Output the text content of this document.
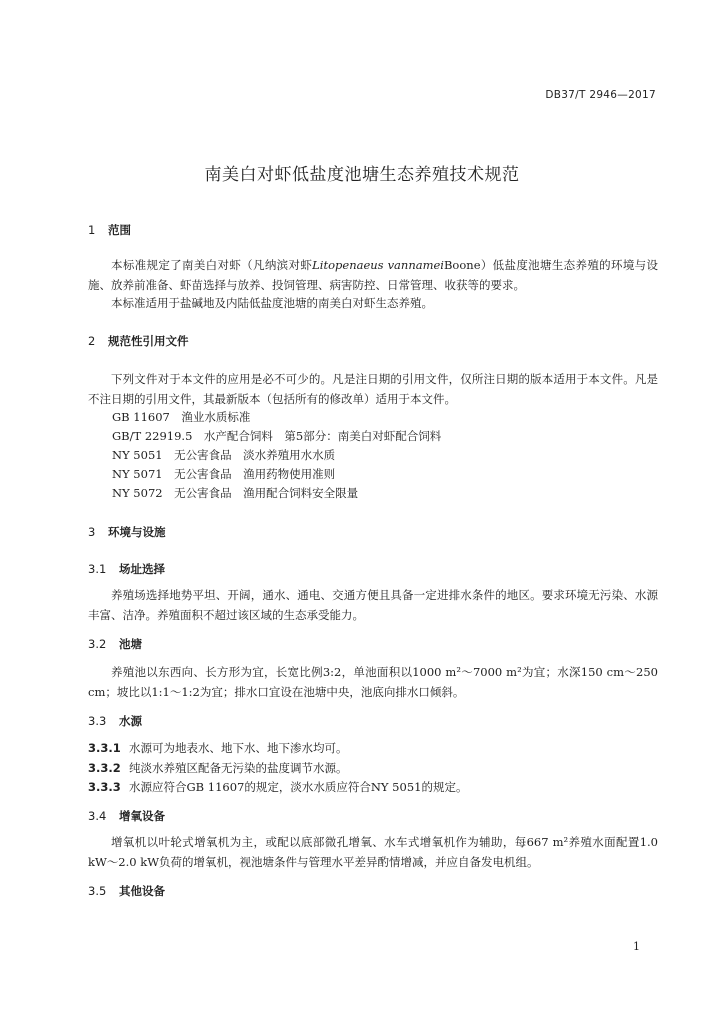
DB37/T 2946—2017
南美白对虾低盐度池塘生态养殖技术规范
1 范围
本标准规定了南美白对虾（凡纳滨对虾Litopenaeus vannameiBoone）低盐度池塘生态养殖的环境与设施、放养前准备、虾苗选择与放养、投饲管理、病害防控、日常管理、收获等的要求。
本标准适用于盐碱地及内陆低盐度池塘的南美白对虾生态养殖。
2 规范性引用文件
下列文件对于本文件的应用是必不可少的。凡是注日期的引用文件，仅所注日期的版本适用于本文件。凡是不注日期的引用文件，其最新版本（包括所有的修改单）适用于本文件。
GB 11607　渔业水质标准
GB/T 22919.5　水产配合饲料　第5部分：南美白对虾配合饲料
NY 5051　无公害食品　淡水养殖用水水质
NY 5071　无公害食品　渔用药物使用准则
NY 5072　无公害食品　渔用配合饲料安全限量
3 环境与设施
3.1 场址选择
养殖场选择地势平坦、开阔，通水、通电、交通方便且具备一定进排水条件的地区。要求环境无污染、水源丰富、洁净。养殖面积不超过该区域的生态承受能力。
3.2 池塘
养殖池以东西向、长方形为宜，长宽比例3:2，单池面积以1000 m²～7000 m²为宜；水深150 cm～250 cm；坡比以1:1～1:2为宜；排水口宜设在池塘中央，池底向排水口倾斜。
3.3 水源
3.3.1 水源可为地表水、地下水、地下渗水均可。
3.3.2 纯淡水养殖区配备无污染的盐度调节水源。
3.3.3 水源应符合GB 11607的规定，淡水水质应符合NY 5051的规定。
3.4 增氧设备
增氧机以叶轮式增氧机为主，或配以底部微孔增氧、水车式增氧机作为辅助，每667 m²养殖水面配置1.0 kW～2.0 kW负荷的增氧机，视池塘条件与管理水平差异酌情增减，并应自备发电机组。
3.5 其他设备
1
